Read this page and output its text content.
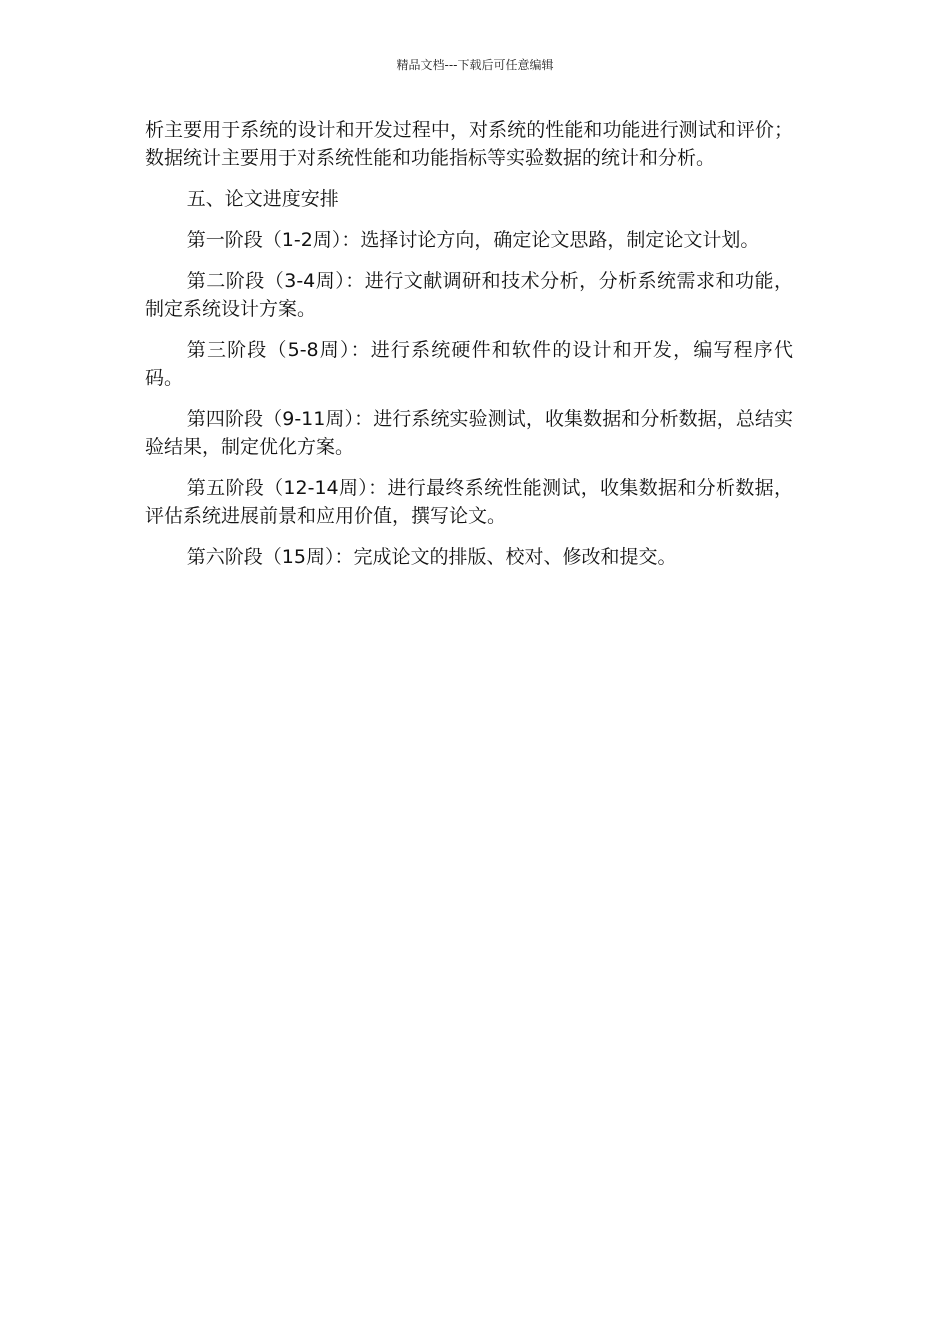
精品文档---下载后可任意编辑

析主要用于系统的设计和开发过程中，对系统的性能和功能进行测试和评价；数据统计主要用于对系统性能和功能指标等实验数据的统计和分析。

五、论文进度安排

第一阶段（1-2周）：选择讨论方向，确定论文思路，制定论文计划。

第二阶段（3-4周）：进行文献调研和技术分析，分析系统需求和功能，制定系统设计方案。

第三阶段（5-8周）：进行系统硬件和软件的设计和开发，编写程序代码。

第四阶段（9-11周）：进行系统实验测试，收集数据和分析数据，总结实验结果，制定优化方案。

第五阶段（12-14周）：进行最终系统性能测试，收集数据和分析数据，评估系统进展前景和应用价值，撰写论文。

第六阶段（15周）：完成论文的排版、校对、修改和提交。
